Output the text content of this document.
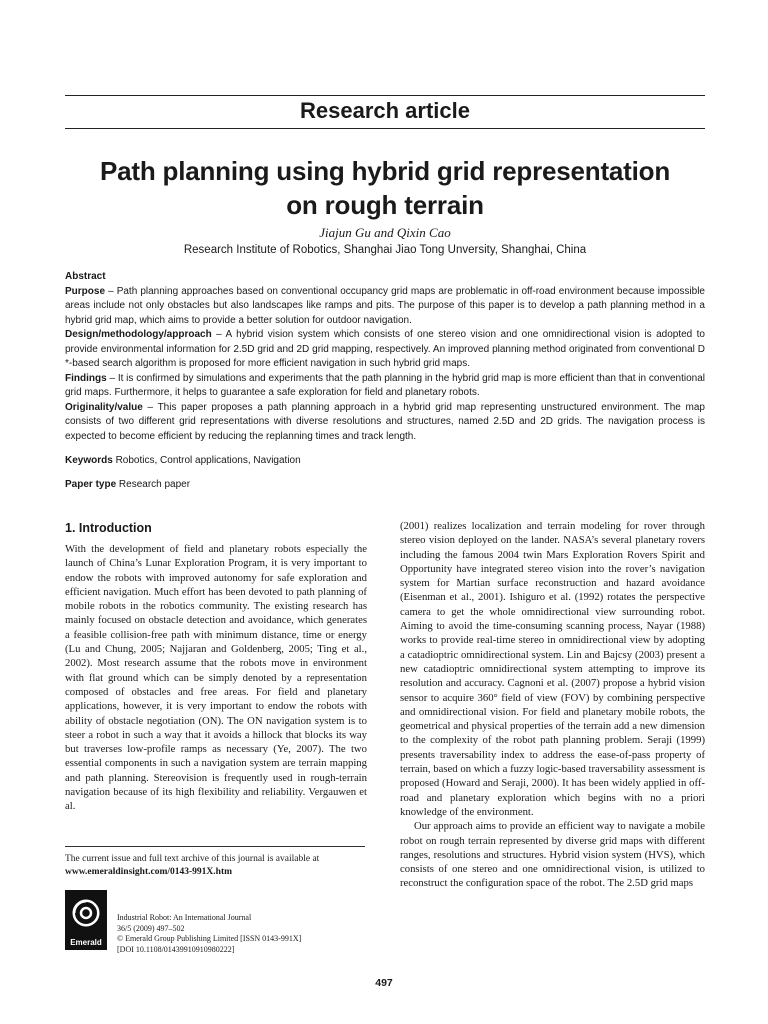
Research article
Path planning using hybrid grid representation
on rough terrain
Jiajun Gu and Qixin Cao
Research Institute of Robotics, Shanghai Jiao Tong Unversity, Shanghai, China
Abstract

Purpose – Path planning approaches based on conventional occupancy grid maps are problematic in off-road environment because impossible areas include not only obstacles but also landscapes like ramps and pits. The purpose of this paper is to develop a path planning method in a hybrid grid map, which aims to provide a better solution for outdoor navigation.

Design/methodology/approach – A hybrid vision system which consists of one stereo vision and one omnidirectional vision is adopted to provide environmental information for 2.5D grid and 2D grid mapping, respectively. An improved planning method originated from conventional D *-based search algorithm is proposed for more efficient navigation in such hybrid grid maps.

Findings – It is confirmed by simulations and experiments that the path planning in the hybrid grid map is more efficient than that in conventional grid maps. Furthermore, it helps to guarantee a safe exploration for field and planetary robots.

Originality/value – This paper proposes a path planning approach in a hybrid grid map representing unstructured environment. The map consists of two different grid representations with diverse resolutions and structures, named 2.5D and 2D grids. The navigation process is expected to become efficient by reducing the replanning times and track length.

Keywords Robotics, Control applications, Navigation
Paper type Research paper
1. Introduction

With the development of field and planetary robots especially the launch of China’s Lunar Exploration Program, it is very important to endow the robots with improved autonomy for safe exploration and efficient navigation. Much effort has been devoted to path planning of mobile robots in the robotics community. The existing research has mainly focused on obstacle detection and avoidance, which generates a feasible collision-free path with minimum distance, time or energy (Lu and Chung, 2005; Najjaran and Goldenberg, 2005; Ting et al., 2002). Most research assume that the robots move in environment with flat ground which can be simply denoted by a representation composed of obstacles and free areas. For field and planetary applications, however, it is very important to endow the robots with ability of obstacle negotiation (ON). The ON navigation system is to steer a robot in such a way that it avoids a hillock that blocks its way but traverses low-profile ramps as necessary (Ye, 2007). The two essential components in such a navigation system are terrain mapping and path planning. Stereovision is frequently used in rough-terrain navigation because of its high flexibility and reliability. Vergauwen et al.

(2001) realizes localization and terrain modeling for rover through stereo vision deployed on the lander. NASA’s several planetary rovers including the famous 2004 twin Mars Exploration Rovers Spirit and Opportunity have integrated stereo vision into the rover’s navigation system for Martian surface reconstruction and hazard avoidance (Eisenman et al., 2001). Ishiguro et al. (1992) rotates the perspective camera to get the whole omnidirectional view surrounding robot. Aiming to avoid the time-consuming scanning process, Nayar (1988) works to provide real-time stereo in omnidirectional view by adopting a catadioptric omnidirectional system. Lin and Bajcsy (2003) present a new catadioptric omnidirectional system attempting to improve its resolution and accuracy. Cagnoni et al. (2007) propose a hybrid vision sensor to acquire 360° field of view (FOV) by combining perspective and omnidirectional vision. For field and planetary mobile robots, the geometrical and physical properties of the terrain add a new dimension to the complexity of the robot path planning problem. Seraji (1999) presents traversability index to address the ease-of-pass property of terrain, based on which a fuzzy logic-based traversability assessment is proposed (Howard and Seraji, 2000). It has been widely applied in off-road and planetary exploration which begins with no a priori knowledge of the environment.

Our approach aims to provide an efficient way to navigate a mobile robot on rough terrain represented by diverse grid maps with different ranges, resolutions and structures. Hybrid vision system (HVS), which consists of one stereo and one omnidirectional vision, is utilized to reconstruct the configuration space of the robot. The 2.5D grid maps

The current issue and full text archive of this journal is available at
www.emeraldinsight.com/0143-991X.htm
Emerald

Industrial Robot: An International Journal

36/5 (2009) 497–502

© Emerald Group Publishing Limited [ISSN 0143-991X]

[DOI 10.1108/01439910910980222]

497
